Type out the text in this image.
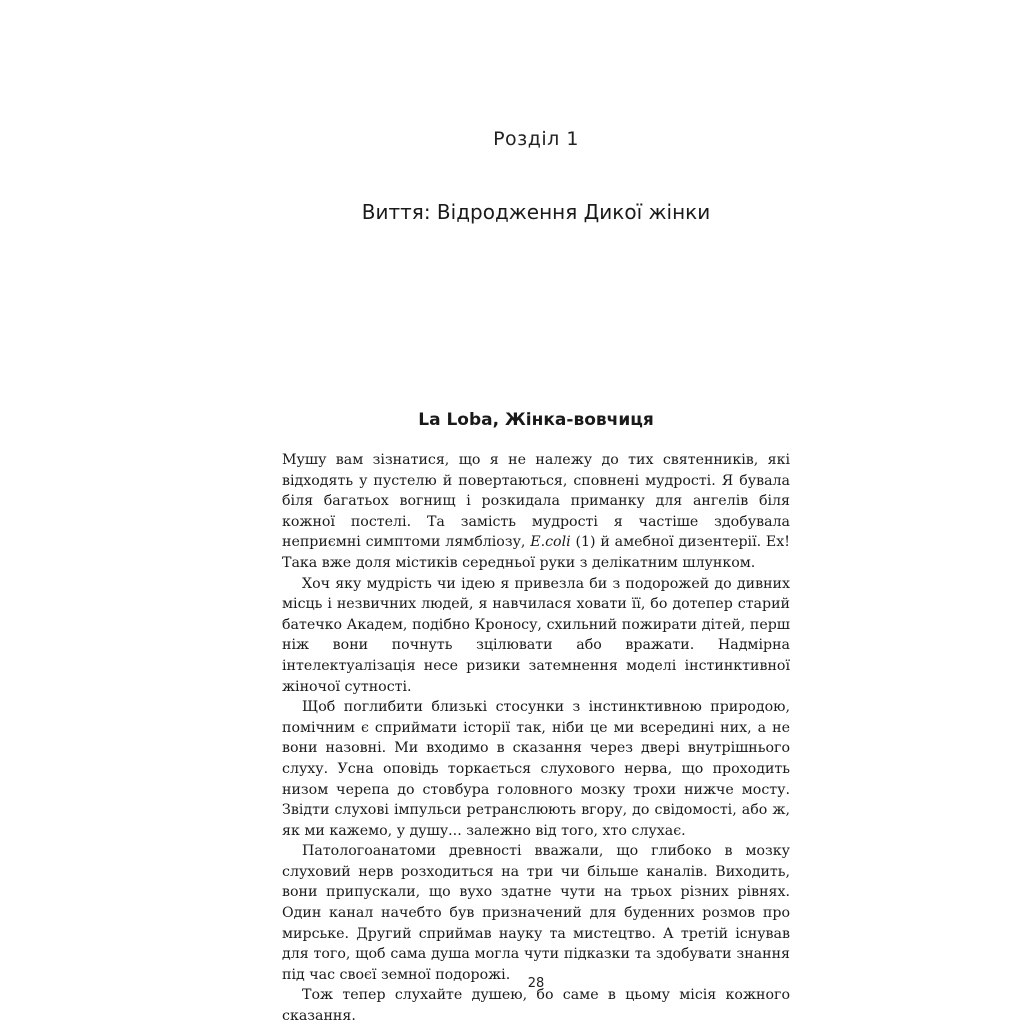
Розділ 1
Виття: Відродження Дикої жінки
La Loba, Жінка-вовчиця

Мушу вам зізнатися, що я не належу до тих святенників, які відходять у пустелю й повертаються, сповнені мудрості. Я бувала біля багатьох вогнищ і розкидала приманку для ангелів біля кожної постелі. Та замість мудрості я частіше здобувала неприємні симптоми лямбліозу, E.coli (1) й амебної дизентерії. Ех! Така вже доля містиків середньої руки з делікатним шлунком.

Хоч яку мудрість чи ідею я привезла би з подорожей до дивних місць і незвичних людей, я навчилася ховати її, бо дотепер старий батечко Академ, подібно Кроносу, схильний пожирати дітей, перш ніж вони почнуть зцілювати або вражати. Надмірна інтелектуалізація несе ризики затемнення моделі інстинктивної жіночої сутності.

Щоб поглибити близькі стосунки з інстинктивною природою, помічним є сприймати історії так, ніби це ми всередині них, а не вони назовні. Ми входимо в сказання через двері внутрішнього слуху. Усна оповідь торкається слухового нерва, що проходить низом черепа до стовбура головного мозку трохи нижче мосту. Звідти слухові імпульси ретранслюють вгору, до свідомості, або ж, як ми кажемо, у душу... залежно від того, хто слухає.

Патологоанатоми древності вважали, що глибоко в мозку слуховий нерв розходиться на три чи більше каналів. Виходить, вони припускали, що вухо здатне чути на трьох різних рівнях. Один канал начебто був призначений для буденних розмов про мирське. Другий сприймав науку та мистецтво. А третій існував для того, щоб сама душа могла чути підказки та здобувати знання під час своєї земної подорожі.

Тож тепер слухайте душею, бо саме в цьому місія кожного сказання.

28
